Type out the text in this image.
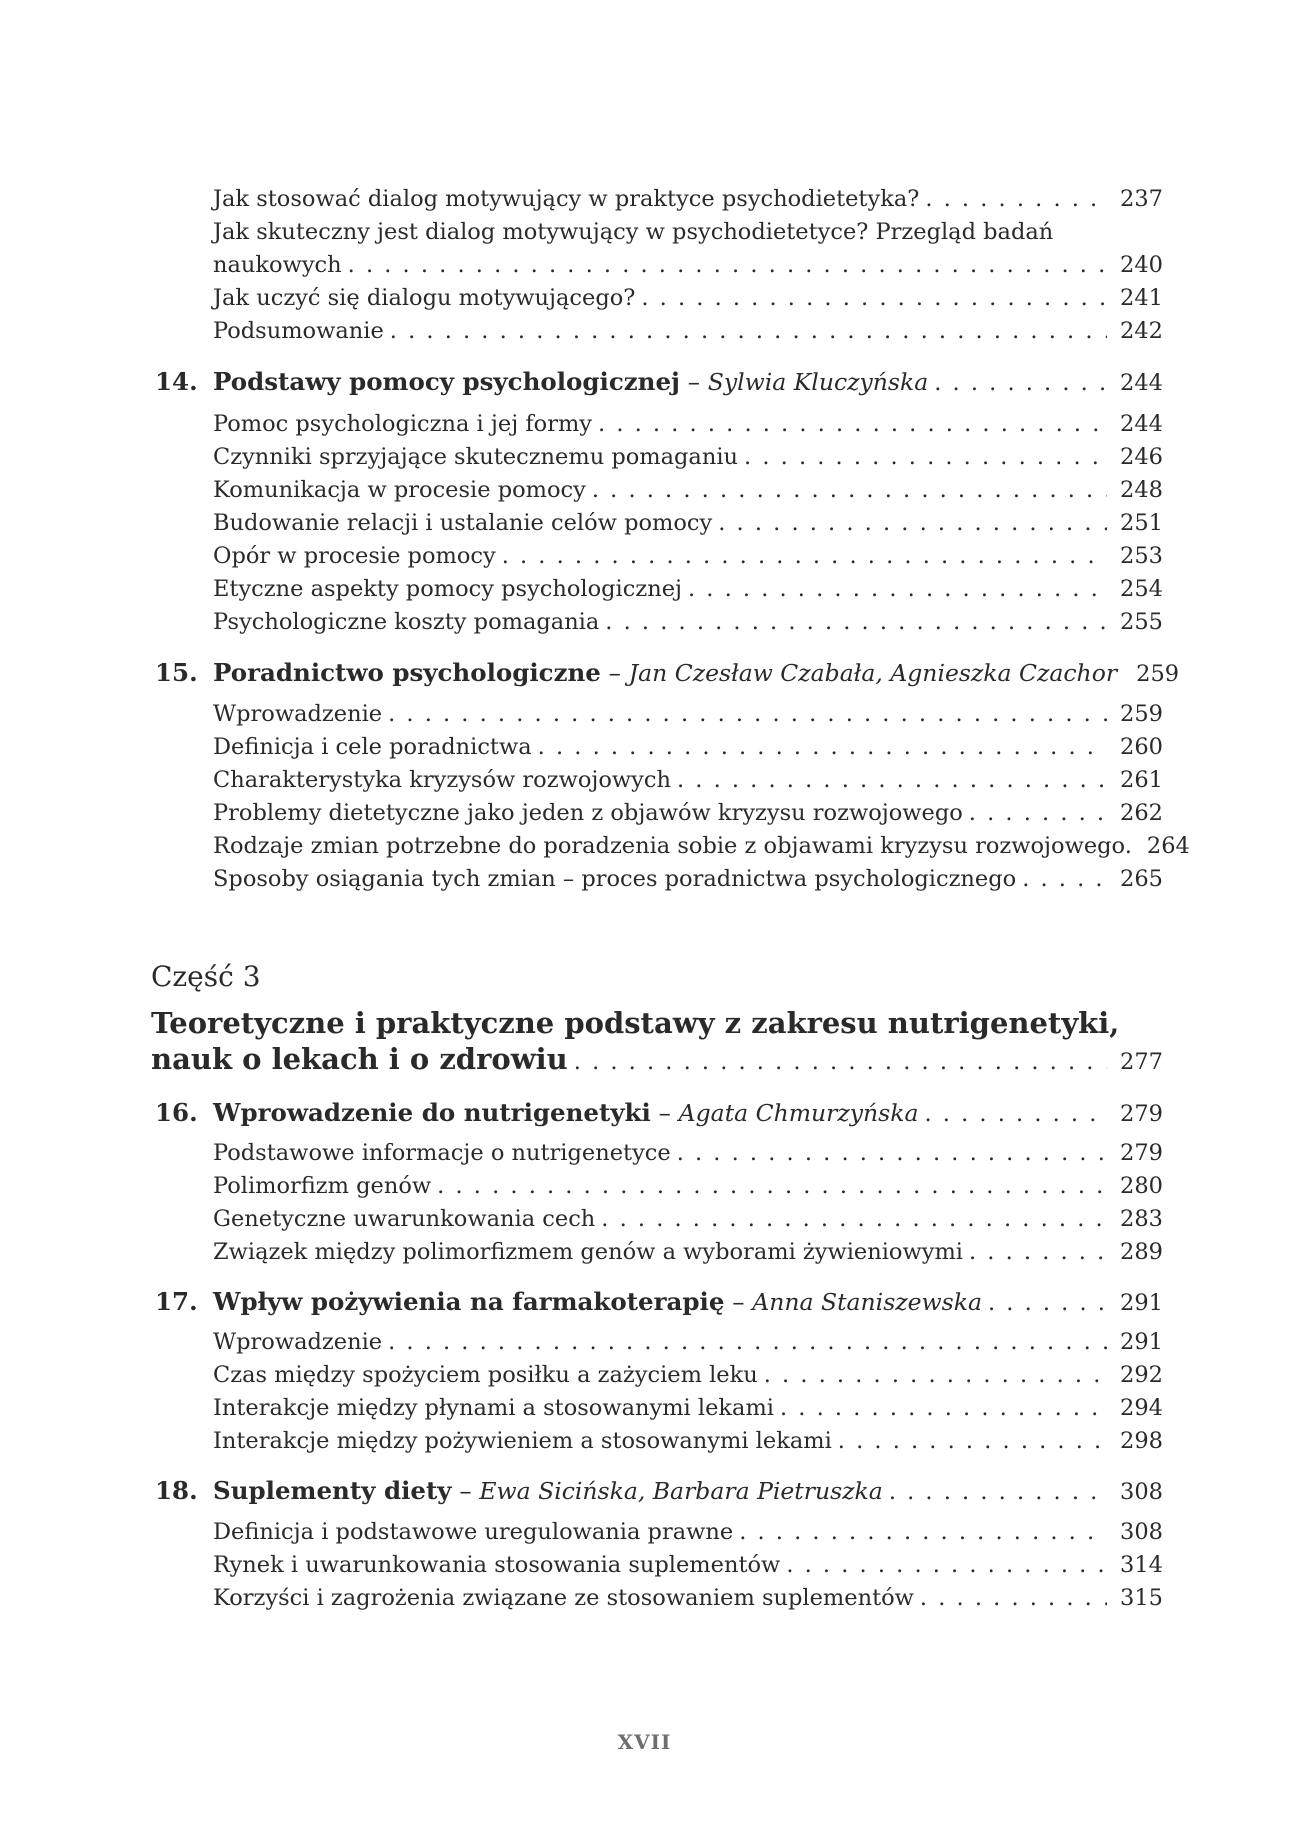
Jak stosować dialog motywujący w praktyce psychodietetyka? . . .	237
Jak skuteczny jest dialog motywujący w psychodietetyce? Przegląd badań
naukowych . . .	240
Jak uczyć się dialogu motywującego? . . .	241
Podsumowanie . . .	242
14. Podstawy pomocy psychologicznej – Sylwia Kluczyńska . . .	244
Pomoc psychologiczna i jej formy . . .	244
Czynniki sprzyjające skutecznemu pomaganiu . . .	246
Komunikacja w procesie pomocy . . .	248
Budowanie relacji i ustalanie celów pomocy . . .	251
Opór w procesie pomocy . . .	253
Etyczne aspekty pomocy psychologicznej . . .	254
Psychologiczne koszty pomagania . . .	255
15. Poradnictwo psychologiczne – Jan Czesław Czabała, Agnieszka Czachor 259
Wprowadzenie . . .	259
Definicja i cele poradnictwa . . .	260
Charakterystyka kryzysów rozwojowych . . .	261
Problemy dietetyczne jako jeden z objawów kryzysu rozwojowego . . .	262
Rodzaje zmian potrzebne do poradzenia sobie z objawami kryzysu rozwojowego. 264
Sposoby osiągania tych zmian – proces poradnictwa psychologicznego . . .	265
Część 3
Teoretyczne i praktyczne podstawy z zakresu nutrigenetyki,
nauk o lekach i o zdrowiu . . .	277
16. Wprowadzenie do nutrigenetyki – Agata Chmurzyńska . . .	279
Podstawowe informacje o nutrigenetyce . . .	279
Polimorfizm genów . . .	280
Genetyczne uwarunkowania cech . . .	283
Związek między polimorfizmem genów a wyborami żywieniowymi . . .	289
17. Wpływ pożywienia na farmakoterapię – Anna Staniszewska . . .	291
Wprowadzenie . . .	291
Czas między spożyciem posiłku a zażyciem leku . . .	292
Interakcje między płynami a stosowanymi lekami . . .	294
Interakcje między pożywieniem a stosowanymi lekami . . .	298
18. Suplementy diety – Ewa Sicińska, Barbara Pietruszka . . .	308
Definicja i podstawowe uregulowania prawne . . .	308
Rynek i uwarunkowania stosowania suplementów . . .	314
Korzyści i zagrożenia związane ze stosowaniem suplementów . . .	315
XVII
